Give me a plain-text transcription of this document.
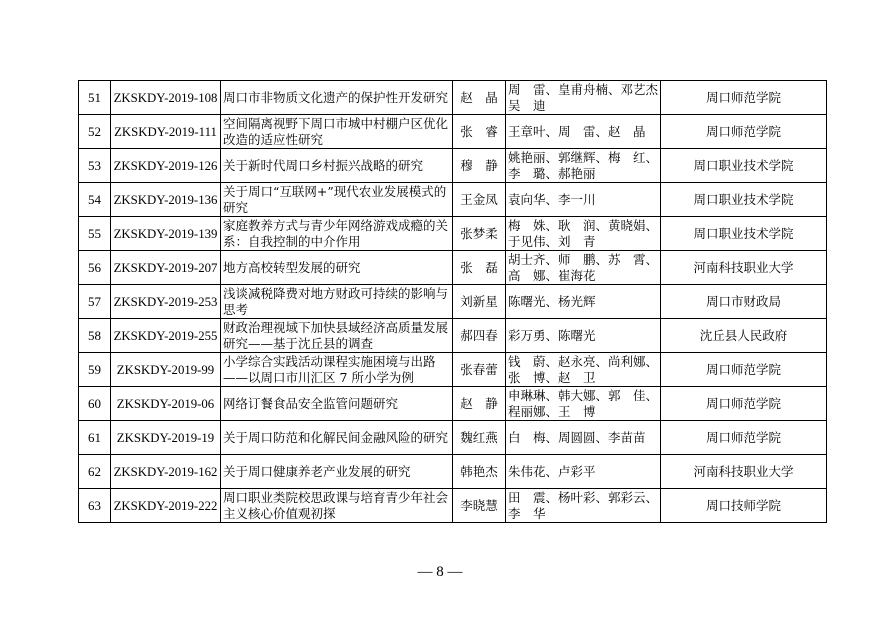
51	ZKSKDY-2019-108	周口市非物质文化遗产的保护性开发研究	赵　晶	周　雷、皇甫舟楠、邓艺杰吴　迪	周口师范学院
52	ZKSKDY-2019-111	空间隔离视野下周口市城中村棚户区优化改造的适应性研究	张　睿	王章叶、周　雷、赵　晶	周口师范学院
53	ZKSKDY-2019-126	关于新时代周口乡村振兴战略的研究	穆　静	姚艳丽、郭继辉、梅　红、李　璐、郝艳丽	周口职业技术学院
54	ZKSKDY-2019-136	关于周口“互联网+”现代农业发展模式的研究	王金凤	袁向华、李一川	周口职业技术学院
55	ZKSKDY-2019-139	家庭教养方式与青少年网络游戏成瘾的关系：自我控制的中介作用	张梦柔	梅　姝、耿　润、黄晓娟、于见伟、刘　青	周口职业技术学院
56	ZKSKDY-2019-207	地方高校转型发展的研究	张　磊	胡士齐、师　鹏、苏　霄、高　娜、崔海花	河南科技职业大学
57	ZKSKDY-2019-253	浅谈减税降费对地方财政可持续的影响与思考	刘新星	陈曙光、杨光辉	周口市财政局
58	ZKSKDY-2019-255	财政治理视域下加快县域经济高质量发展研究——基于沈丘县的调查	郝四春	彩万勇、陈曙光	沈丘县人民政府
59	ZKSKDY-2019-99	小学综合实践活动课程实施困境与出路——以周口市川汇区 7 所小学为例	张春蕾	钱　蔚、赵永亮、尚利娜、张　博、赵　卫	周口师范学院
60	ZKSKDY-2019-06	网络订餐食品安全监管问题研究	赵　静	申琳琳、韩大娜、郭　佳、程丽娜、王　博	周口师范学院
61	ZKSKDY-2019-19	关于周口防范和化解民间金融风险的研究	魏红燕	白　梅、周圆圆、李苗苗	周口师范学院
62	ZKSKDY-2019-162	关于周口健康养老产业发展的研究	韩艳杰	朱伟花、卢彩平	河南科技职业大学
63	ZKSKDY-2019-222	周口职业类院校思政课与培育青少年社会主义核心价值观初探	李晓慧	田　震、杨叶彩、郭彩云、李　华	周口技师学院
— 8 —
